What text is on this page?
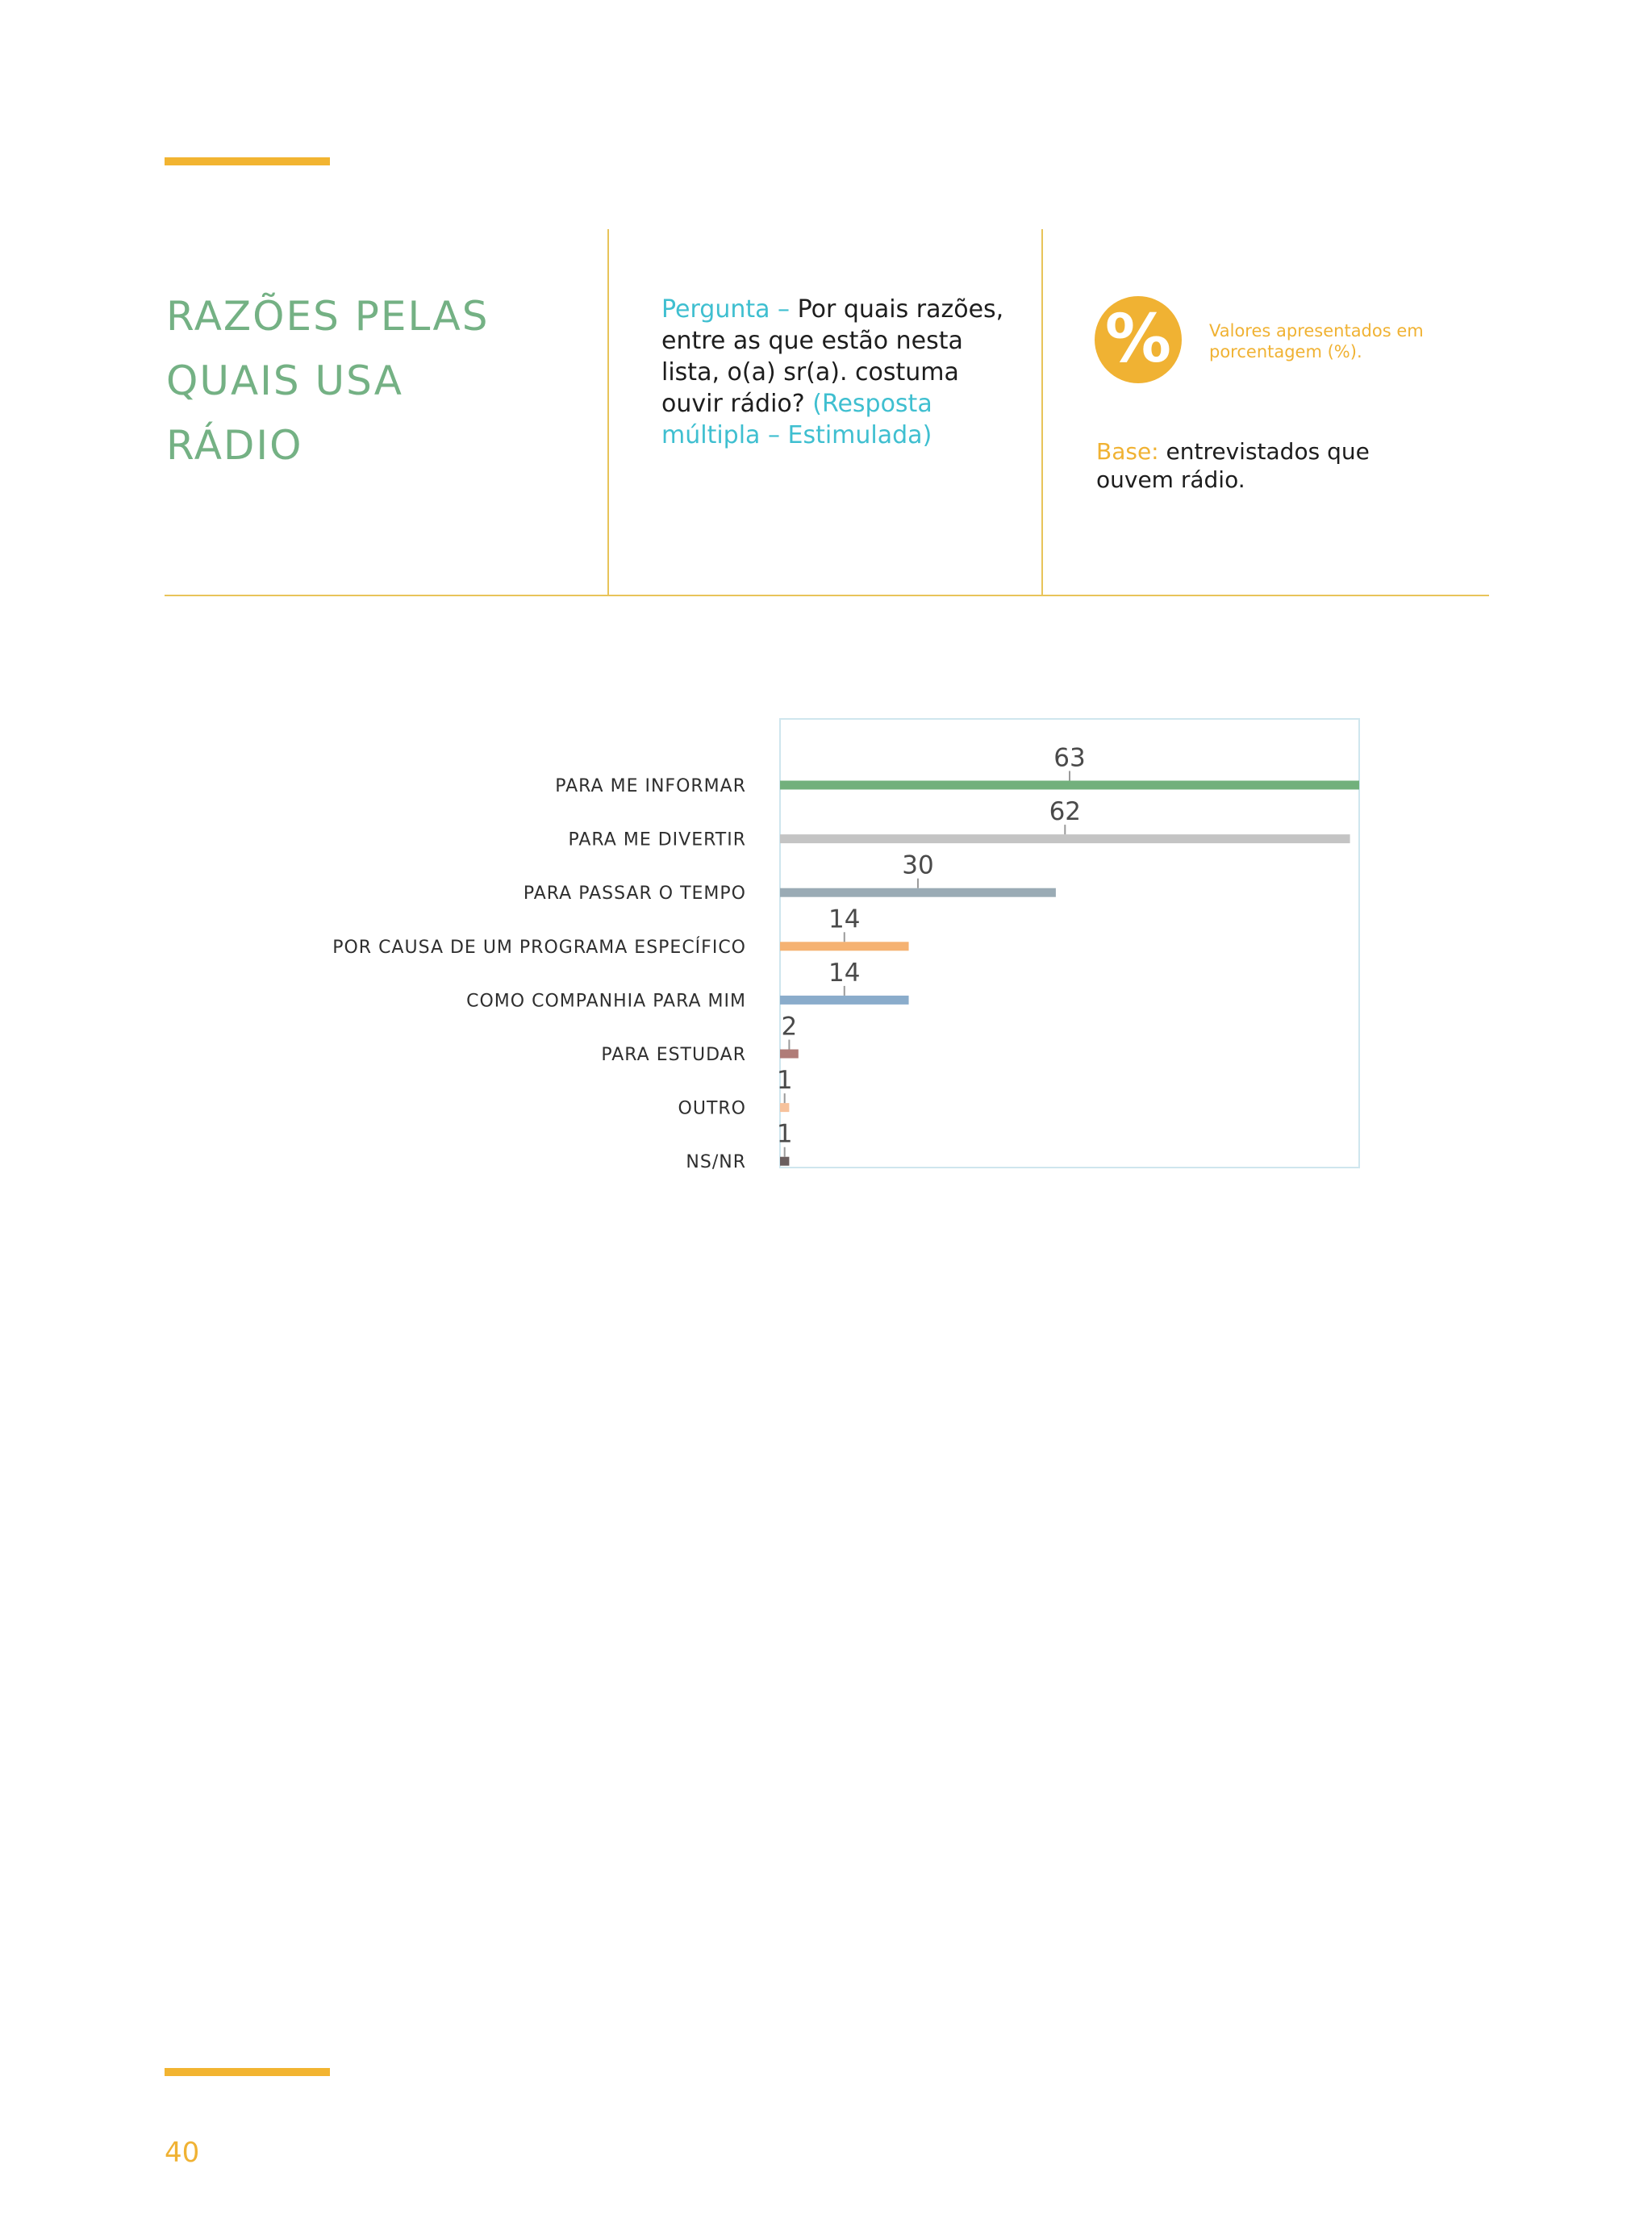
RAZÕES PELAS
QUAIS USA
RÁDIO
Pergunta – Por quais razões, entre as que estão nesta lista, o(a) sr(a). costuma ouvir rádio? (Resposta múltipla – Estimulada)
%	Valores apresentados em porcentagem (%).
Base: entrevistados que ouvem rádio.
PARA ME INFORMAR
63
PARA ME DIVERTIR
62
PARA PASSAR O TEMPO
30
POR CAUSA DE UM PROGRAMA ESPECÍFICO
14
COMO COMPANHIA PARA MIM
14
PARA ESTUDAR
2
OUTRO
1
NS/NR
1
40
